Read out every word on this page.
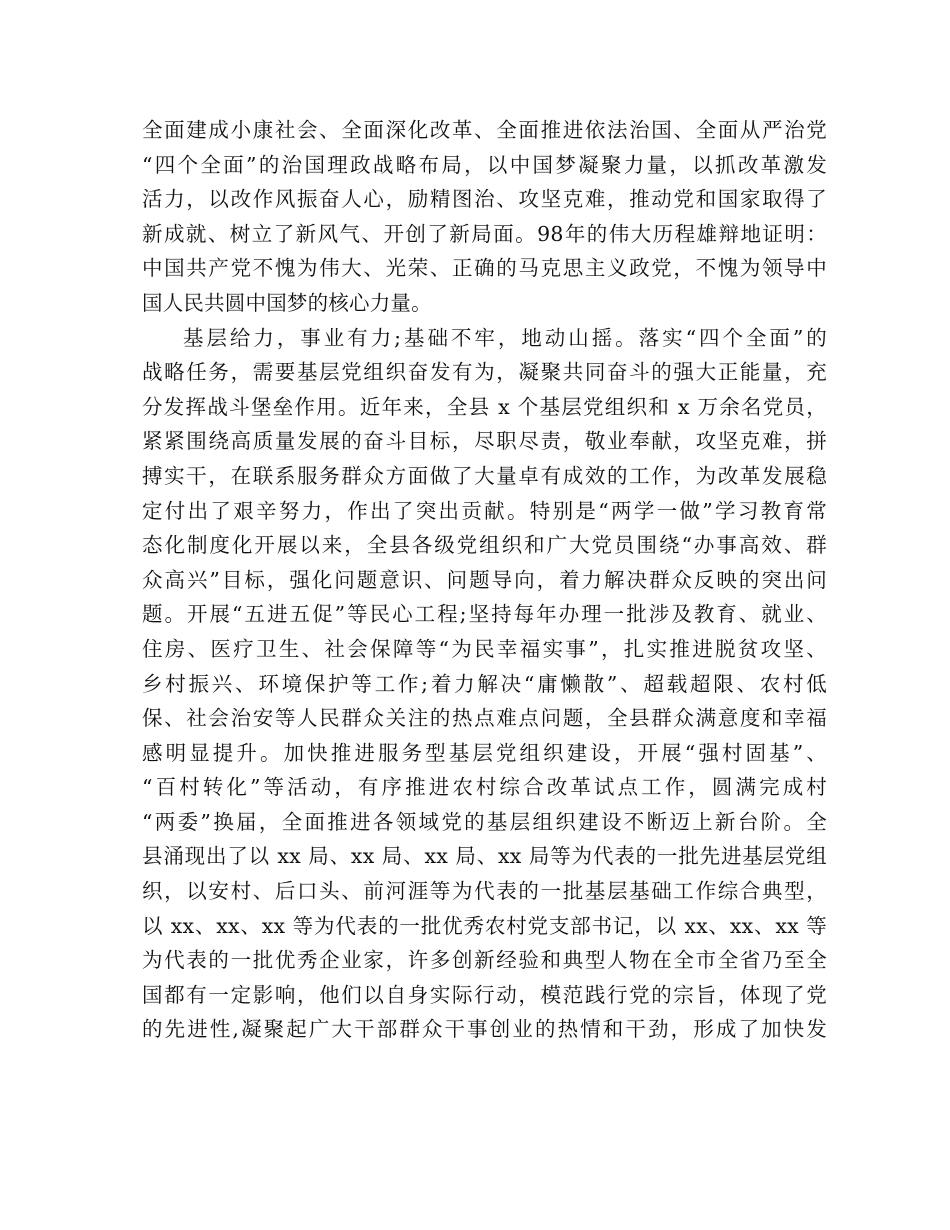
全面建成小康社会、全面深化改革、全面推进依法治国、全面从严治党
“四个全面”的治国理政战略布局，以中国梦凝聚力量，以抓改革激发
活力，以改作风振奋人心，励精图治、攻坚克难，推动党和国家取得了
新成就、树立了新风气、开创了新局面。98年的伟大历程雄辩地证明：
中国共产党不愧为伟大、光荣、正确的马克思主义政党，不愧为领导中
国人民共圆中国梦的核心力量。
基层给力，事业有力;基础不牢，地动山摇。落实“四个全面”的
战略任务，需要基层党组织奋发有为，凝聚共同奋斗的强大正能量，充
分发挥战斗堡垒作用。近年来，全县 x 个基层党组织和 x 万余名党员，
紧紧围绕高质量发展的奋斗目标，尽职尽责，敬业奉献，攻坚克难，拼
搏实干，在联系服务群众方面做了大量卓有成效的工作，为改革发展稳
定付出了艰辛努力，作出了突出贡献。特别是“两学一做”学习教育常
态化制度化开展以来，全县各级党组织和广大党员围绕“办事高效、群
众高兴”目标，强化问题意识、问题导向，着力解决群众反映的突出问
题。开展“五进五促”等民心工程;坚持每年办理一批涉及教育、就业、
住房、医疗卫生、社会保障等“为民幸福实事”，扎实推进脱贫攻坚、
乡村振兴、环境保护等工作;着力解决“庸懒散”、超载超限、农村低
保、社会治安等人民群众关注的热点难点问题，全县群众满意度和幸福
感明显提升。加快推进服务型基层党组织建设，开展“强村固基”、
“百村转化”等活动，有序推进农村综合改革试点工作，圆满完成村
“两委”换届，全面推进各领域党的基层组织建设不断迈上新台阶。全
县涌现出了以 xx 局、xx 局、xx 局、xx 局等为代表的一批先进基层党组
织，以安村、后口头、前河涯等为代表的一批基层基础工作综合典型，
以 xx、xx、xx 等为代表的一批优秀农村党支部书记，以 xx、xx、xx 等
为代表的一批优秀企业家，许多创新经验和典型人物在全市全省乃至全
国都有一定影响，他们以自身实际行动，模范践行党的宗旨，体现了党
的先进性,凝聚起广大干部群众干事创业的热情和干劲，形成了加快发
